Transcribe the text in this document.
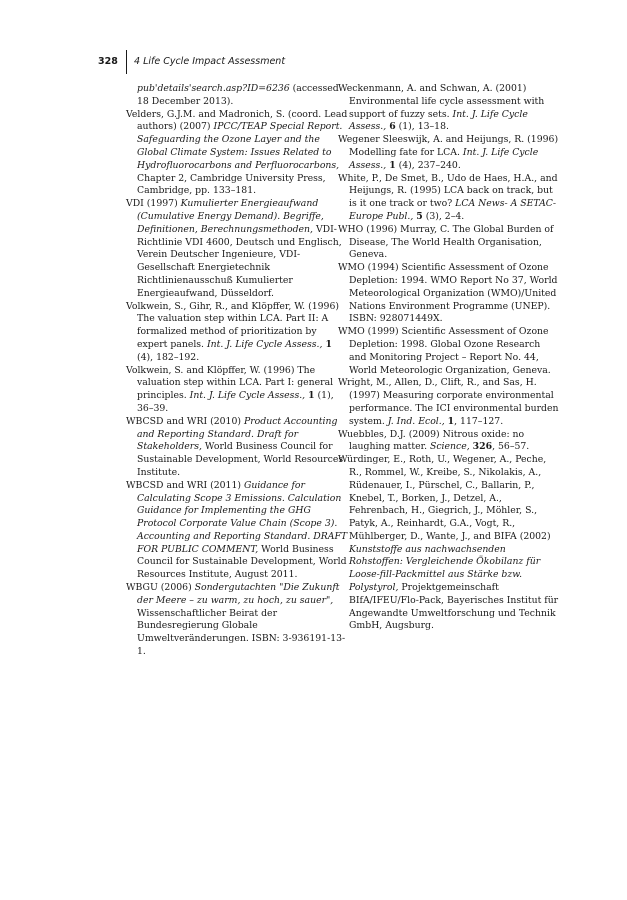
328 4 Life Cycle Impact Assessment

pub'details'search.asp?ID=6236 (accessed 18 December 2013).

Velders, G.J.M. and Madronich, S. (coord. Lead authors) (2007) IPCC/TEAP Special Report. Safeguarding the Ozone Layer and the Global Climate System: Issues Related to Hydrofluorocarbons and Perfluorocarbons, Chapter 2, Cambridge University Press, Cambridge, pp. 133–181.

VDI (1997) Kumulierter Energieaufwand (Cumulative Energy Demand). Begriffe, Definitionen, Berechnungsmethoden, VDI-Richtlinie VDI 4600, Deutsch und Englisch, Verein Deutscher Ingenieure, VDI-Gesellschaft Energietechnik Richtlinienausschuß Kumulierter Energieaufwand, Düsseldorf.

Volkwein, S., Gihr, R., and Klöpffer, W. (1996) The valuation step within LCA. Part II: A formalized method of prioritization by expert panels. Int. J. Life Cycle Assess., 1 (4), 182–192.

Volkwein, S. and Klöpffer, W. (1996) The valuation step within LCA. Part I: general principles. Int. J. Life Cycle Assess., 1 (1), 36–39.

WBCSD and WRI (2010) Product Accounting and Reporting Standard. Draft for Stakeholders, World Business Council for Sustainable Development, World Resources Institute.

WBCSD and WRI (2011) Guidance for Calculating Scope 3 Emissions. Calculation Guidance for Implementing the GHG Protocol Corporate Value Chain (Scope 3). Accounting and Reporting Standard. DRAFT FOR PUBLIC COMMENT, World Business Council for Sustainable Development, World Resources Institute, August 2011.

WBGU (2006) Sondergutachten "Die Zukunft der Meere – zu warm, zu hoch, zu sauer", Wissenschaftlicher Beirat der Bundesregierung Globale Umweltveränderungen. ISBN: 3-936191-13-1.

Weckenmann, A. and Schwan, A. (2001) Environmental life cycle assessment with support of fuzzy sets. Int. J. Life Cycle Assess., 6 (1), 13–18.

Wegener Sleeswijk, A. and Heijungs, R. (1996) Modelling fate for LCA. Int. J. Life Cycle Assess., 1 (4), 237–240.

White, P., De Smet, B., Udo de Haes, H.A., and Heijungs, R. (1995) LCA back on track, but is it one track or two? LCA News- A SETAC-Europe Publ., 5 (3), 2–4.

WHO (1996) Murray, C. The Global Burden of Disease, The World Health Organisation, Geneva.

WMO (1994) Scientific Assessment of Ozone Depletion: 1994. WMO Report No 37, World Meteorological Organization (WMO)/United Nations Environment Programme (UNEP). ISBN: 928071449X.

WMO (1999) Scientific Assessment of Ozone Depletion: 1998. Global Ozone Research and Monitoring Project – Report No. 44, World Meteorologic Organization, Geneva.

Wright, M., Allen, D., Clift, R., and Sas, H. (1997) Measuring corporate environmental performance. The ICI environmental burden system. J. Ind. Ecol., 1, 117–127.

Wuebbles, D.J. (2009) Nitrous oxide: no laughing matter. Science, 326, 56–57.

Würdinger, E., Roth, U., Wegener, A., Peche, R., Rommel, W., Kreibe, S., Nikolakis, A., Rüdenauer, I., Pürschel, C., Ballarin, P., Knebel, T., Borken, J., Detzel, A., Fehrenbach, H., Giegrich, J., Möhler, S., Patyk, A., Reinhardt, G.A., Vogt, R., Mühlberger, D., Wante, J., and BIFA (2002) Kunststoffe aus nachwachsenden Rohstoffen: Vergleichende Ökobilanz für Loose-fill-Packmittel aus Stärke bzw. Polystyrol, Projektgemeinschaft BIfA/IFEU/Flo-Pack, Bayerisches Institut für Angewandte Umweltforschung und Technik GmbH, Augsburg.
